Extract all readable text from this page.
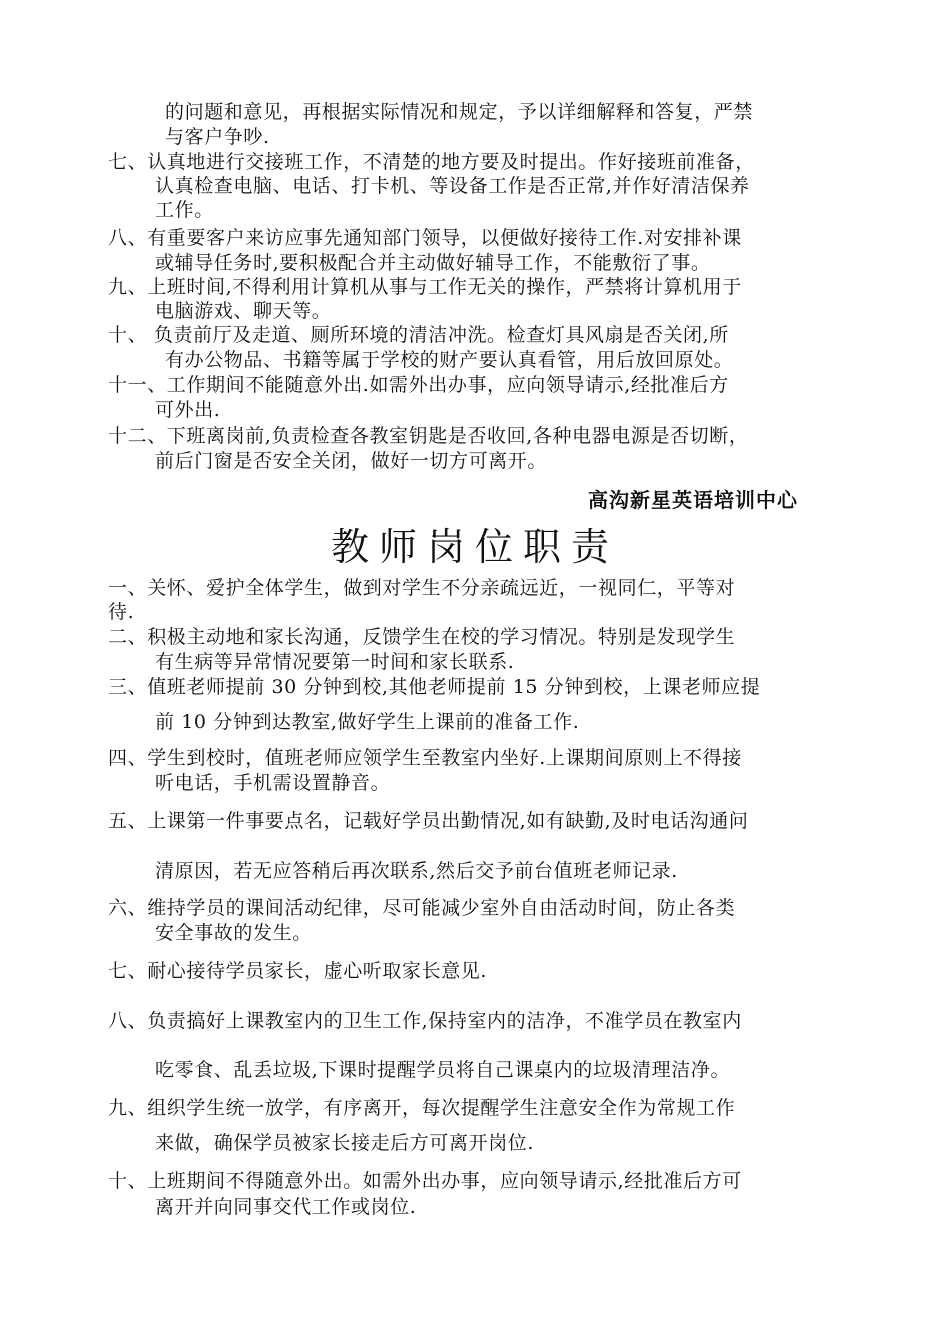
的问题和意见，再根据实际情况和规定，予以详细解释和答复，严禁
与客户争吵.
七、认真地进行交接班工作，不清楚的地方要及时提出。作好接班前准备，
认真检查电脑、电话、打卡机、等设备工作是否正常,并作好清洁保养
工作。
八、有重要客户来访应事先通知部门领导，以便做好接待工作.对安排补课
或辅导任务时,要积极配合并主动做好辅导工作，不能敷衍了事。
九、上班时间,不得利用计算机从事与工作无关的操作，严禁将计算机用于
电脑游戏、聊天等。
十、 负责前厅及走道、厕所环境的清洁冲洗。检查灯具风扇是否关闭,所
有办公物品、书籍等属于学校的财产要认真看管，用后放回原处。
十一、工作期间不能随意外出.如需外出办事，应向领导请示,经批准后方
可外出.
十二、下班离岗前,负责检查各教室钥匙是否收回,各种电器电源是否切断，
前后门窗是否安全关闭，做好一切方可离开。
高沟新星英语培训中心
教师岗位职责
一、关怀、爱护全体学生，做到对学生不分亲疏远近，一视同仁，平等对
待.
二、积极主动地和家长沟通，反馈学生在校的学习情况。特别是发现学生
有生病等异常情况要第一时间和家长联系.
三、值班老师提前 30 分钟到校,其他老师提前 15 分钟到校，上课老师应提
前 10 分钟到达教室,做好学生上课前的准备工作.
四、学生到校时，值班老师应领学生至教室内坐好.上课期间原则上不得接
听电话，手机需设置静音。
五、上课第一件事要点名，记载好学员出勤情况,如有缺勤,及时电话沟通问
清原因，若无应答稍后再次联系,然后交予前台值班老师记录.
六、维持学员的课间活动纪律，尽可能减少室外自由活动时间，防止各类
安全事故的发生。
七、耐心接待学员家长，虚心听取家长意见.
八、负责搞好上课教室内的卫生工作,保持室内的洁净，不准学员在教室内
吃零食、乱丢垃圾,下课时提醒学员将自己课桌内的垃圾清理洁净。
九、组织学生统一放学，有序离开，每次提醒学生注意安全作为常规工作
来做，确保学员被家长接走后方可离开岗位.
十、上班期间不得随意外出。如需外出办事，应向领导请示,经批准后方可
离开并向同事交代工作或岗位.
